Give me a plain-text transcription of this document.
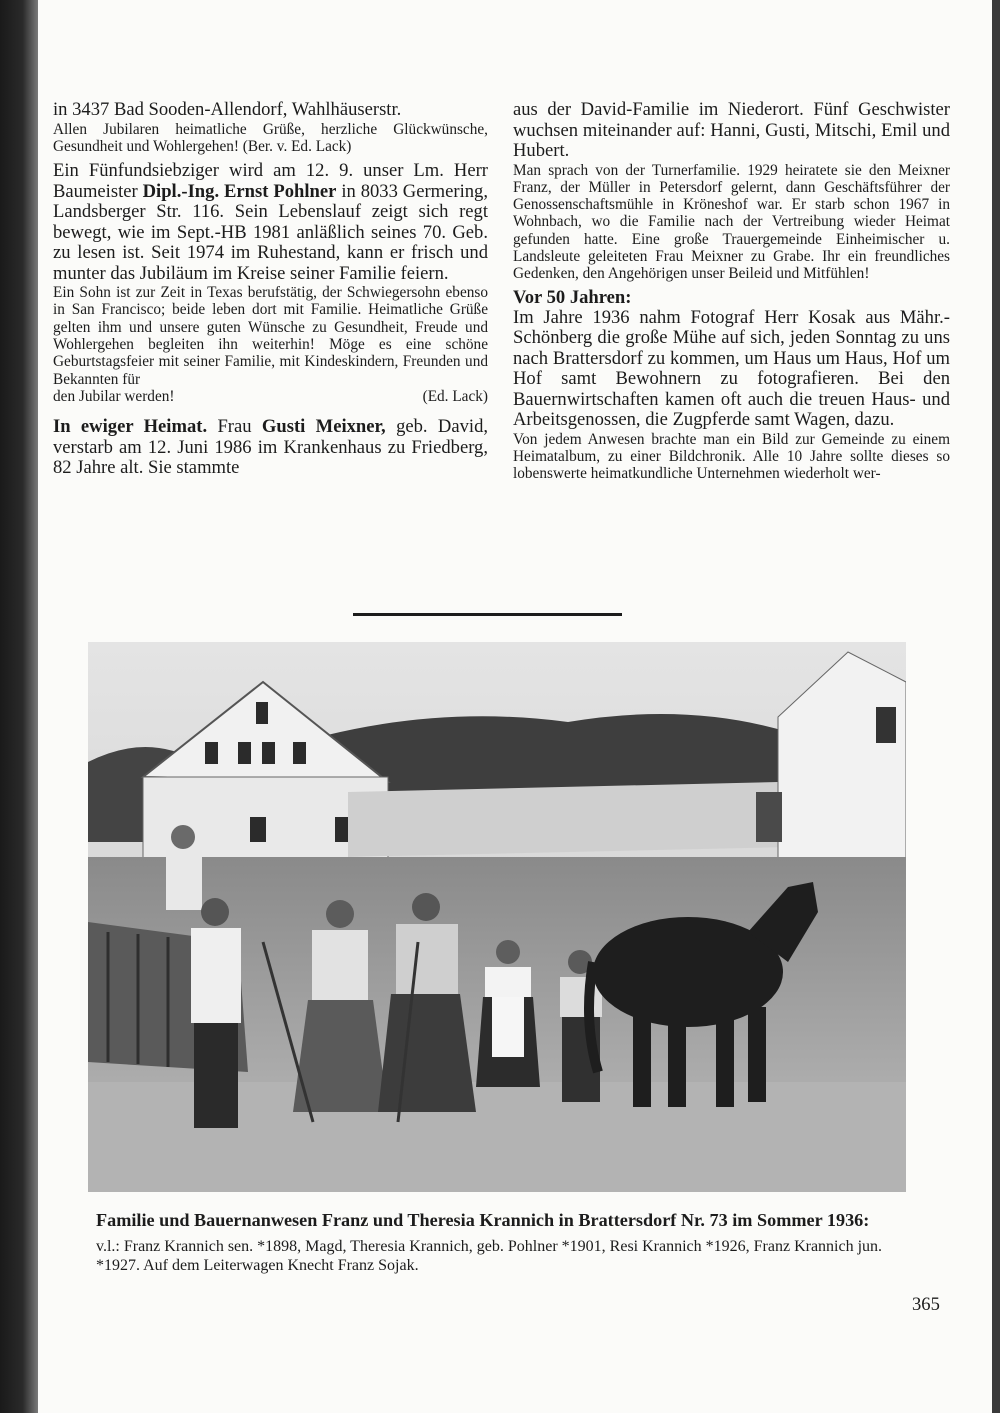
in 3437 Bad Sooden-Allendorf, Wahlhäuserstr.

Allen Jubilaren heimatliche Grüße, herzliche Glückwünsche, Gesundheit und Wohlergehen! (Ber. v. Ed. Lack)

Ein Fünfundsiebziger wird am 12. 9. unser Lm. Herr Baumeister Dipl.-Ing. Ernst Pohlner in 8033 Germering, Landsberger Str. 116. Sein Lebenslauf zeigt sich regt bewegt, wie im Sept.-HB 1981 anläßlich seines 70. Geb. zu lesen ist. Seit 1974 im Ruhestand, kann er frisch und munter das Jubiläum im Kreise seiner Familie feiern.

Ein Sohn ist zur Zeit in Texas berufstätig, der Schwiegersohn ebenso in San Francisco; beide leben dort mit Familie. Heimatliche Grüße gelten ihm und unsere guten Wünsche zu Gesundheit, Freude und Wohlergehen begleiten ihn weiterhin! Möge es eine schöne Geburtstagsfeier mit seiner Familie, mit Kindeskindern, Freunden und Bekannten für

den Jubilar werden!	(Ed. Lack)

In ewiger Heimat. Frau Gusti Meixner, geb. David, verstarb am 12. Juni 1986 im Krankenhaus zu Friedberg, 82 Jahre alt. Sie stammte

aus der David-Familie im Niederort. Fünf Geschwister wuchsen miteinander auf: Hanni, Gusti, Mitschi, Emil und Hubert.

Man sprach von der Turnerfamilie. 1929 heiratete sie den Meixner Franz, der Müller in Petersdorf gelernt, dann Geschäftsführer der Genossenschaftsmühle in Kröneshof war. Er starb schon 1967 in Wohnbach, wo die Familie nach der Vertreibung wieder Heimat gefunden hatte. Eine große Trauergemeinde Einheimischer u. Landsleute geleiteten Frau Meixner zu Grabe. Ihr ein freundliches Gedenken, den Angehörigen unser Beileid und Mitfühlen!

Vor 50 Jahren:

Im Jahre 1936 nahm Fotograf Herr Kosak aus Mähr.-Schönberg die große Mühe auf sich, jeden Sonntag zu uns nach Brattersdorf zu kommen, um Haus um Haus, Hof um Hof samt Bewohnern zu fotografieren. Bei den Bauernwirtschaften kamen oft auch die treuen Haus- und Arbeitsgenossen, die Zugpferde samt Wagen, dazu.

Von jedem Anwesen brachte man ein Bild zur Gemeinde zu einem Heimatalbum, zu einer Bildchronik. Alle 10 Jahre sollte dieses so lobenswerte heimatkundliche Unternehmen wiederholt wer-

Familie und Bauernanwesen Franz und Theresia Krannich in Brattersdorf Nr. 73 im Sommer 1936:
v.l.: Franz Krannich sen. *1898, Magd, Theresia Krannich, geb. Pohlner *1901, Resi Krannich *1926, Franz Krannich jun. *1927. Auf dem Leiterwagen Knecht Franz Sojak.
365
